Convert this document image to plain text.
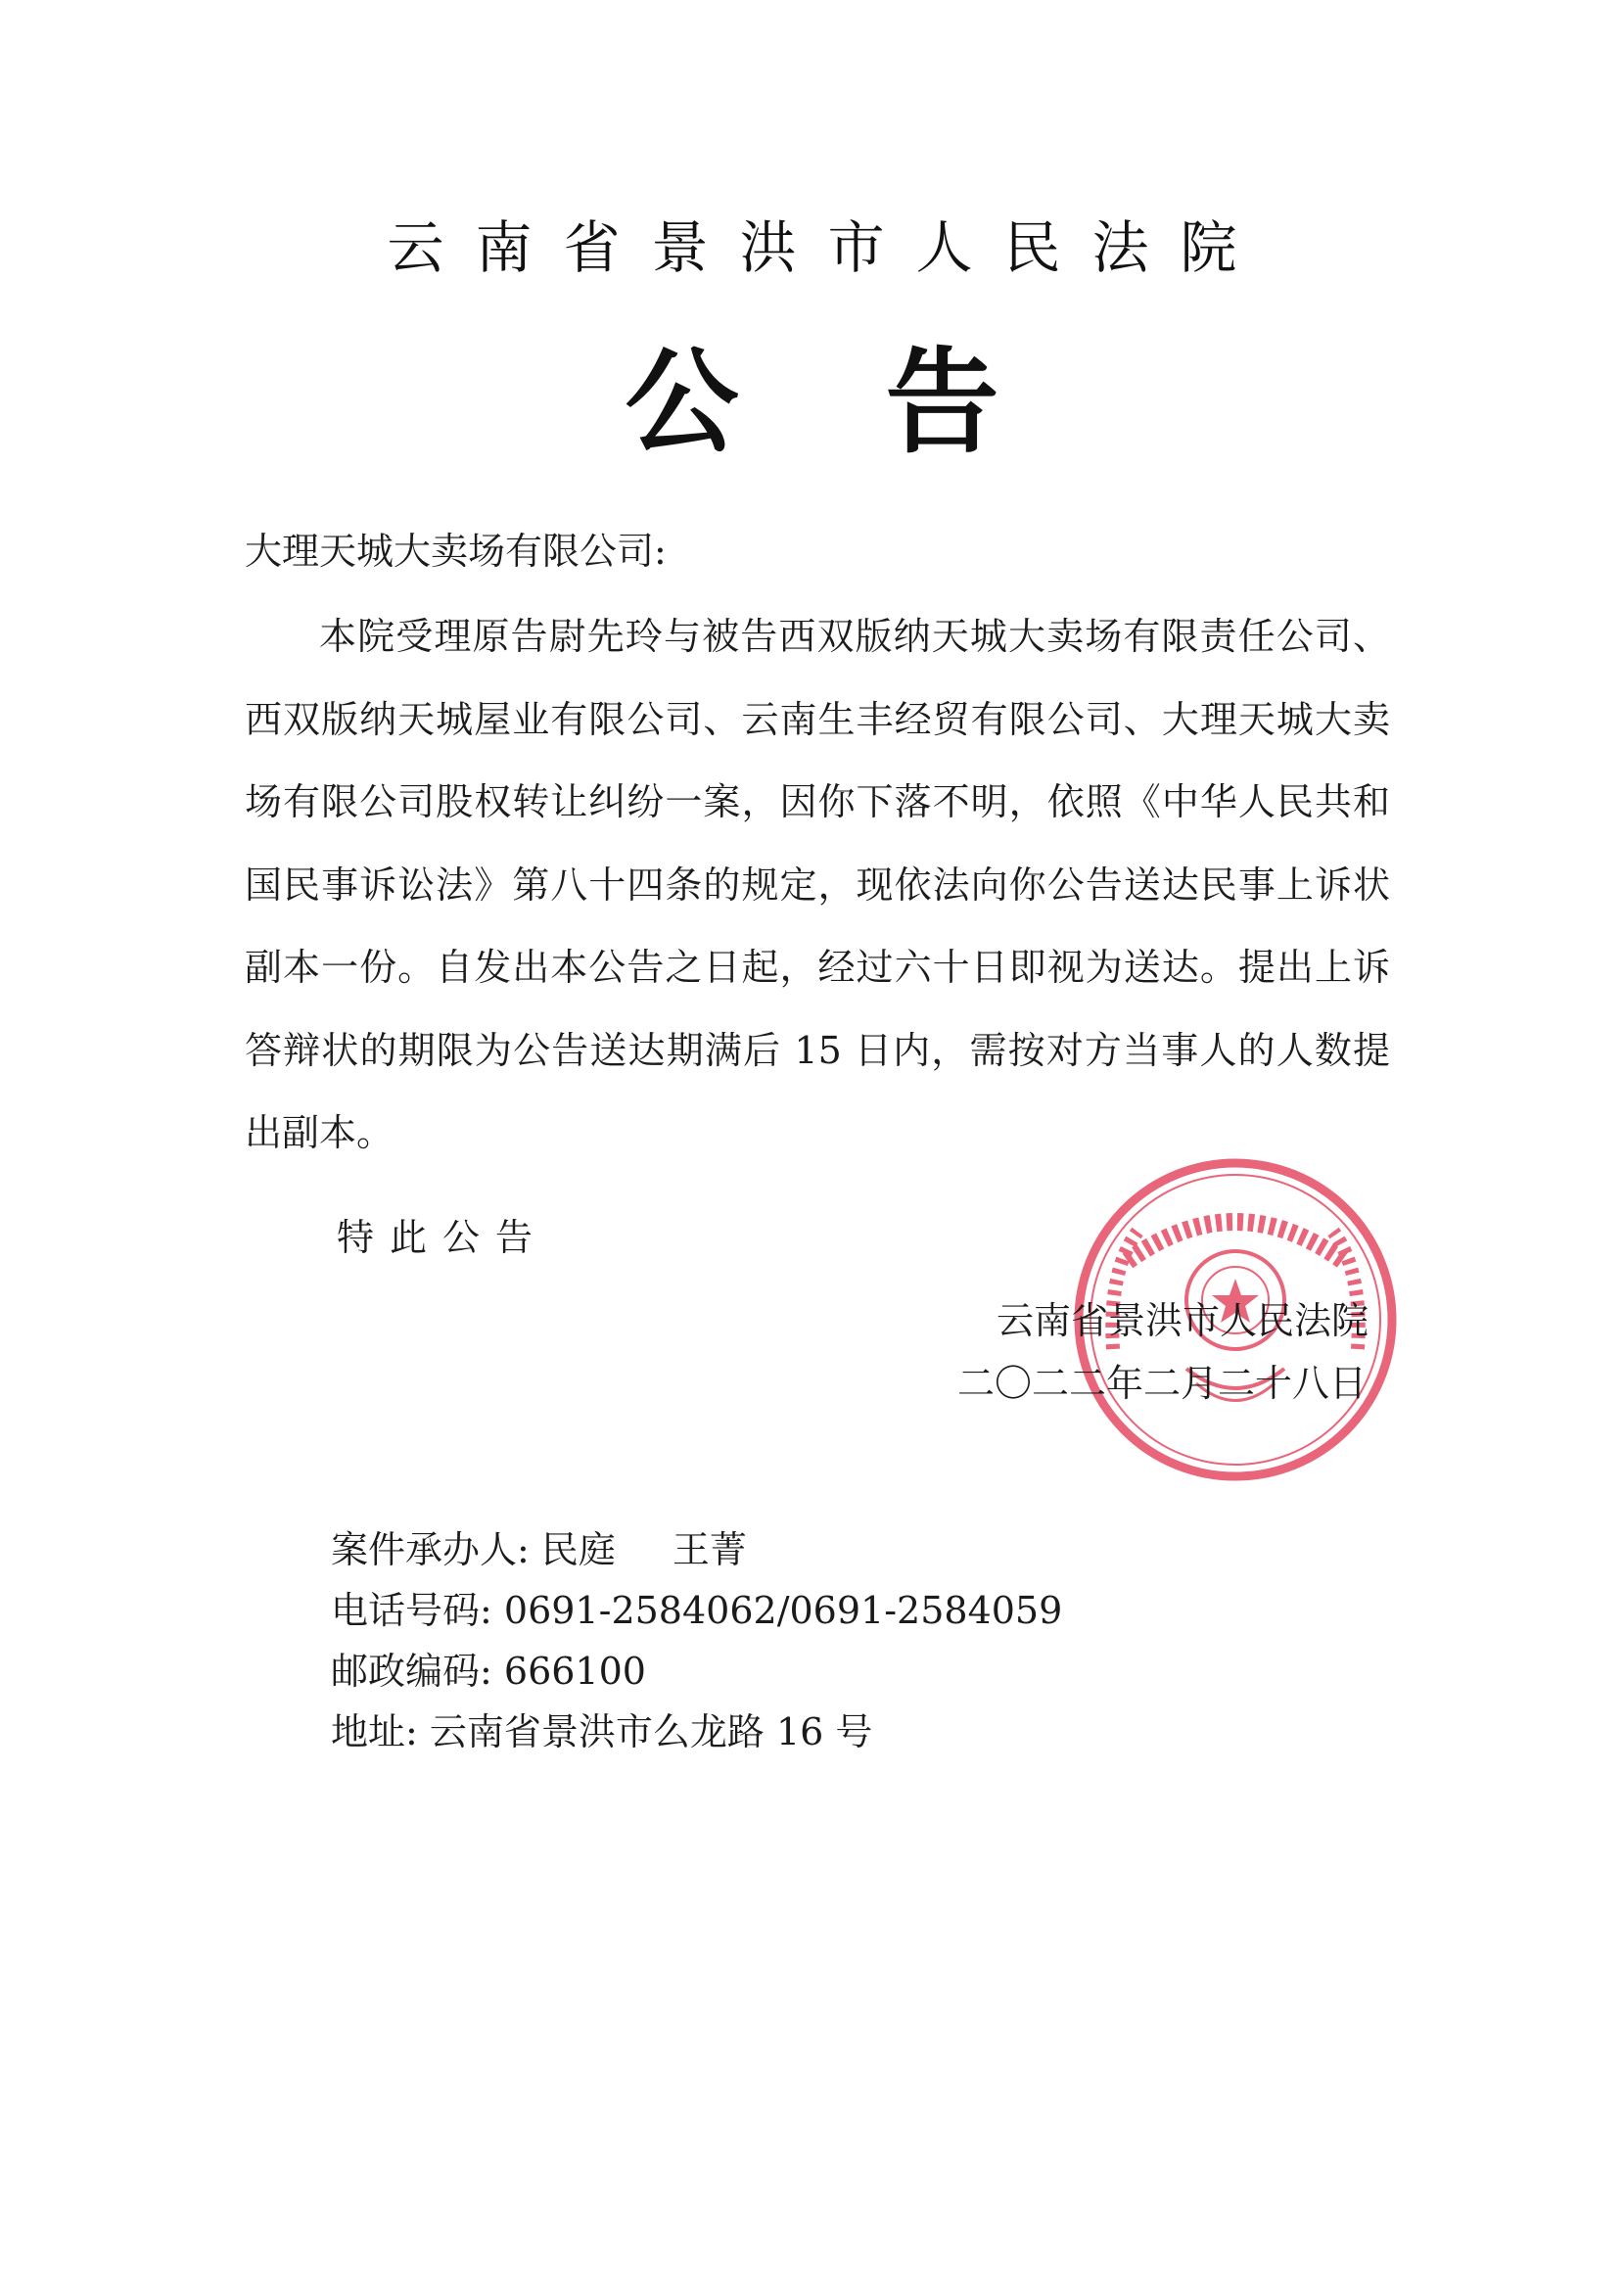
云南省景洪市人民法院
公告
大理天城大卖场有限公司:
本院受理原告尉先玲与被告西双版纳天城大卖场有限责任公司、西双版纳天城屋业有限公司、云南生丰经贸有限公司、大理天城大卖场有限公司股权转让纠纷一案，因你下落不明，依照《中华人民共和国民事诉讼法》第八十四条的规定，现依法向你公告送达民事上诉状副本一份。自发出本公告之日起，经过六十日即视为送达。提出上诉答辩状的期限为公告送达期满后 15 日内，需按对方当事人的人数提出副本。
特此公告
云南省景洪市人民法院
二〇二二年二月二十八日
案件承办人: 民庭 王菁
电话号码: 0691-2584062/0691-2584059
邮政编码: 666100
地址: 云南省景洪市么龙路 16 号
